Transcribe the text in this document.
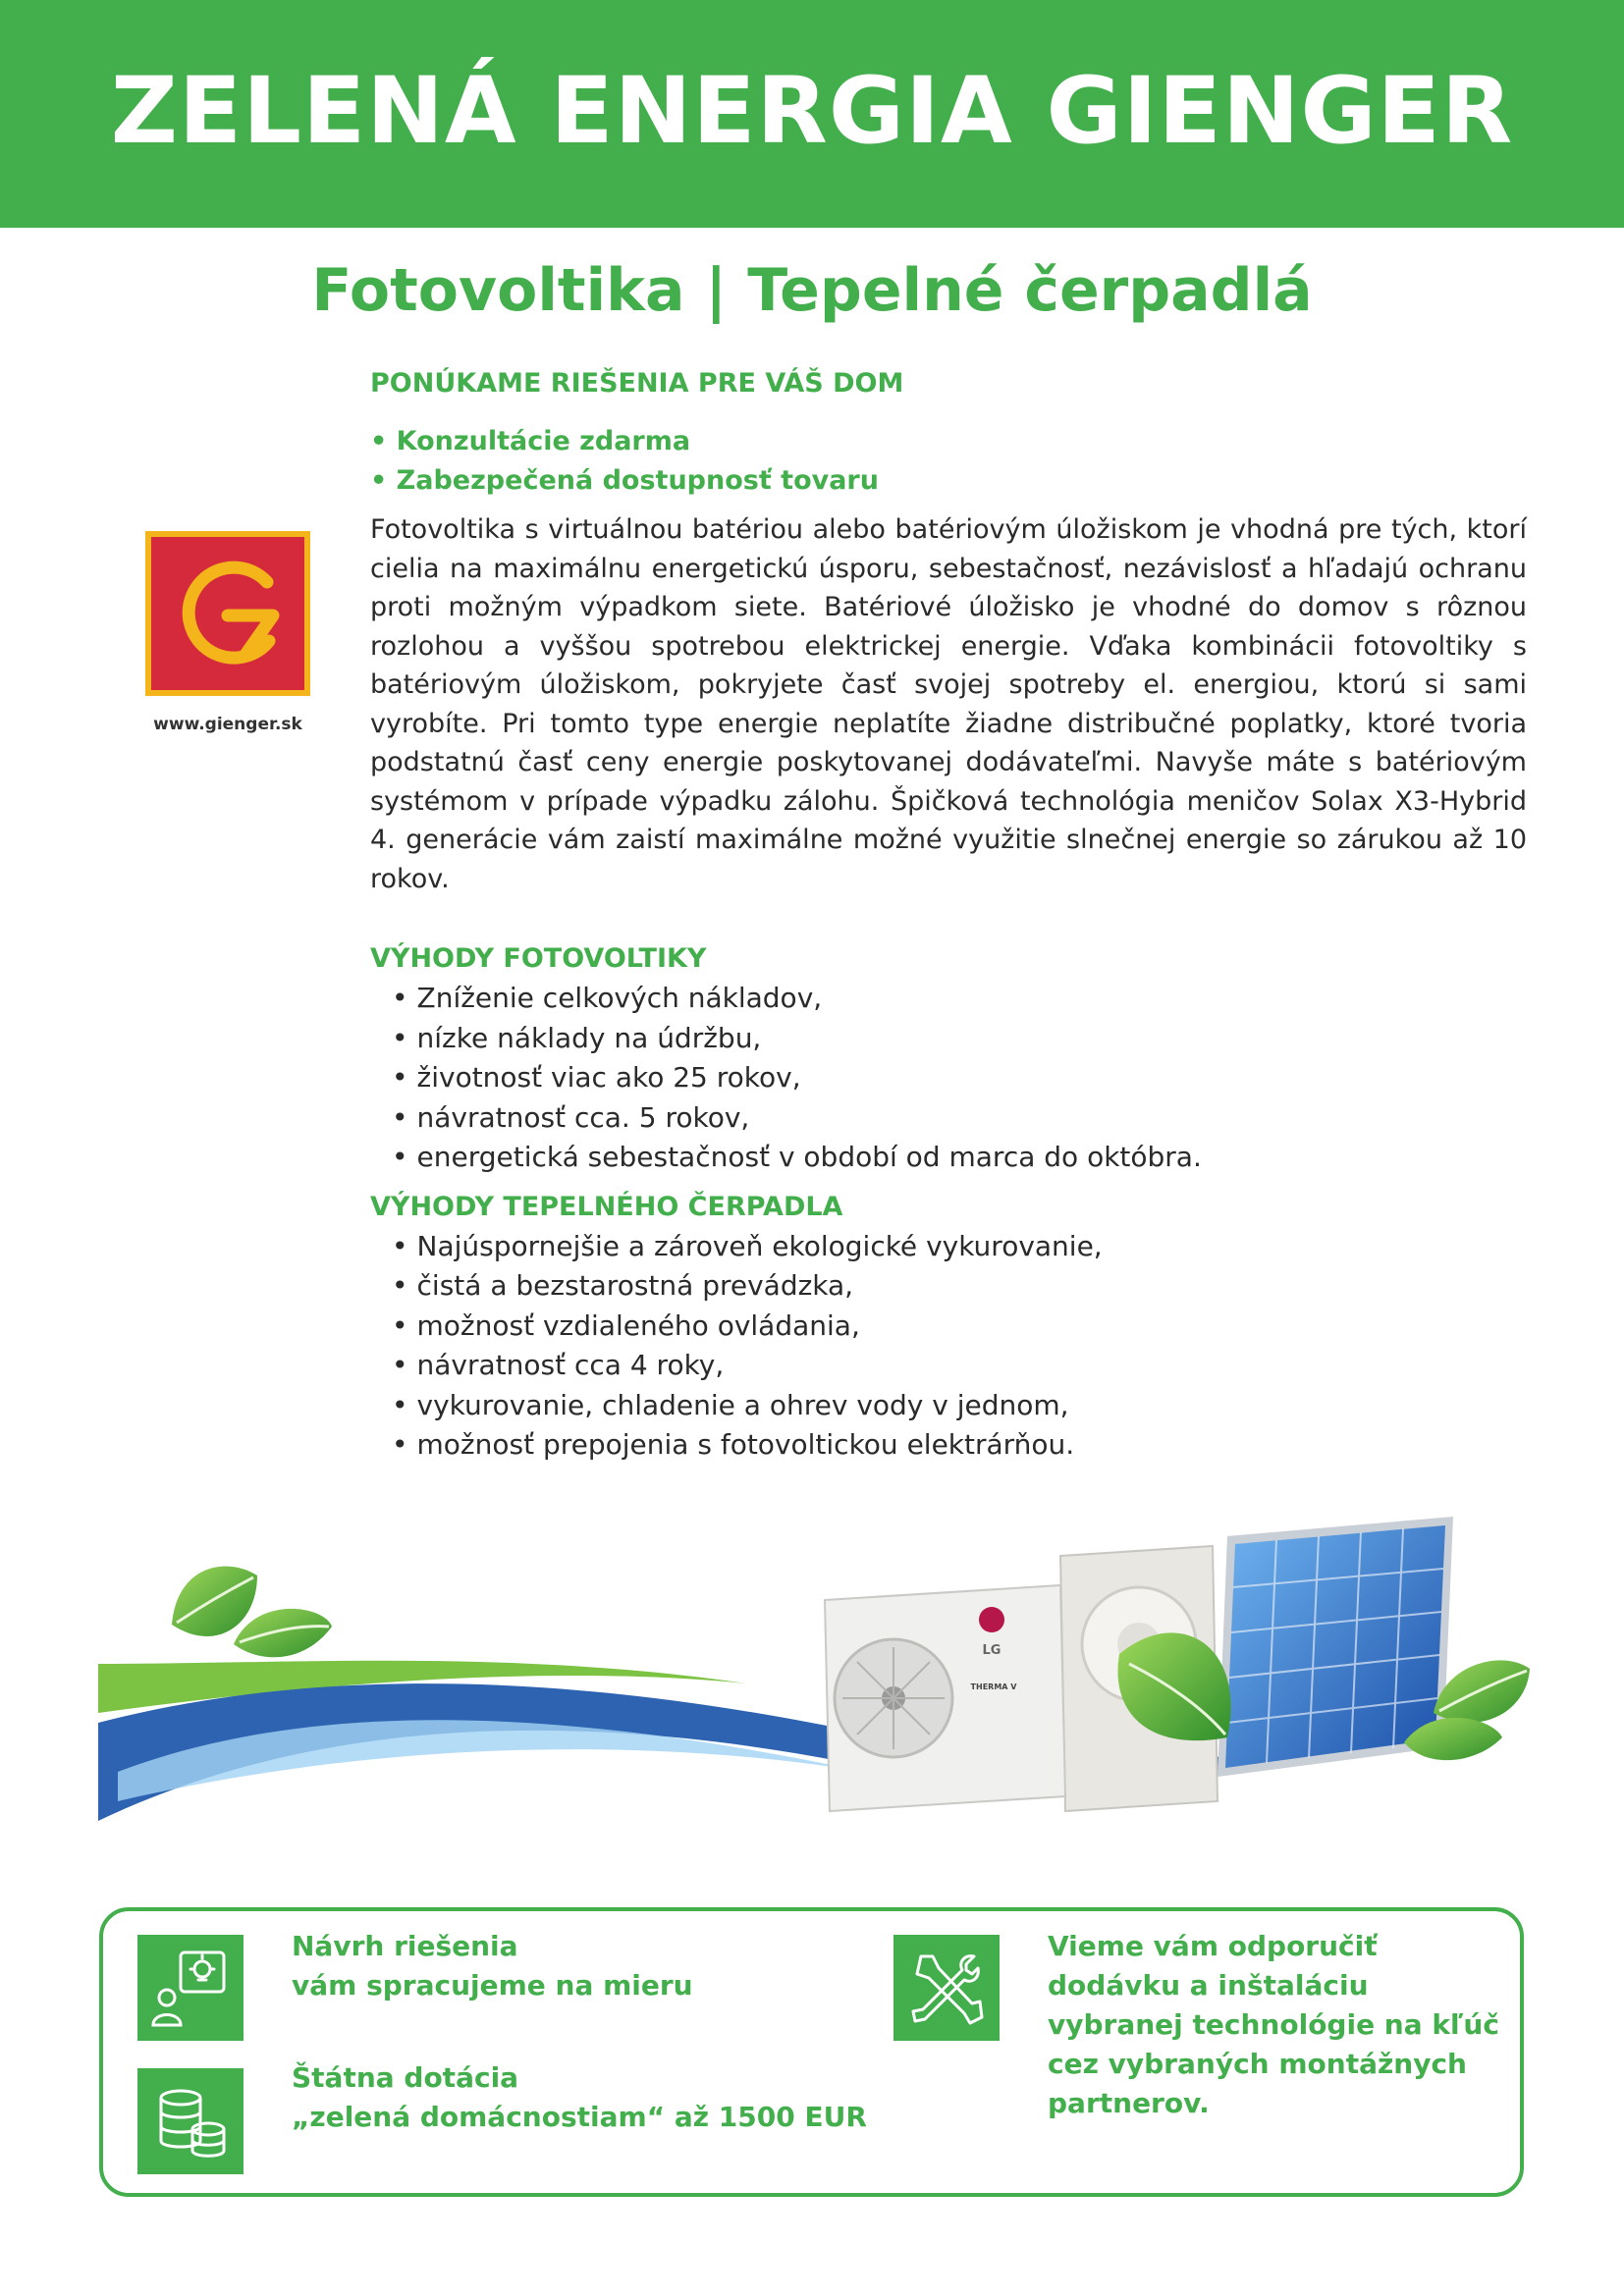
ZELENÁ ENERGIA GIENGER
Fotovoltika | Tepelné čerpadlá
www.gienger.sk
PONÚKAME RIEŠENIA PRE VÁŠ DOM
• Konzultácie zdarma
• Zabezpečená dostupnosť tovaru

Fotovoltika s virtuálnou batériou alebo batériovým úložiskom je vhodná pre tých, ktorí cielia na maximálnu energetickú úsporu, sebestačnosť, nezávislosť a hľadajú ochranu proti možným výpadkom siete. Batériové úložisko je vhodné do domov s rôznou rozlohou a vyššou spotrebou elektrickej energie. Vďaka kombinácii fotovoltiky s batériovým úložiskom, pokryjete časť svojej spotreby el. energiou, ktorú si sami vyrobíte. Pri tomto type energie neplatíte žiadne distribučné poplatky, ktoré tvoria podstatnú časť ceny energie poskytovanej dodávateľmi. Navyše máte s batériovým systémom v prípade výpadku zálohu. Špičková technológia meničov Solax X3-Hybrid 4. generácie vám zaistí maximálne možné využitie slnečnej energie so zárukou až 10 rokov.

VÝHODY FOTOVOLTIKY
• Zníženie celkových nákladov,
• nízke náklady na údržbu,
• životnosť viac ako 25 rokov,
• návratnosť cca. 5 rokov,
• energetická sebestačnosť v období od marca do októbra.
VÝHODY TEPELNÉHO ČERPADLA
• Najúspornejšie a zároveň ekologické vykurovanie,
• čistá a bezstarostná prevádzka,
• možnosť vzdialeného ovládania,
• návratnosť cca 4 roky,
• vykurovanie, chladenie a ohrev vody v jednom,
• možnosť prepojenia s fotovoltickou elektrárňou.
LG
THERMA V

Návrh riešenia
vám spracujeme na mieru

Štátna dotácia
„zelená domácnostiam“ až 1500 EUR

Vieme vám odporučiť
dodávku a inštaláciu
vybranej technológie na kľúč
cez vybraných montážnych
partnerov.
